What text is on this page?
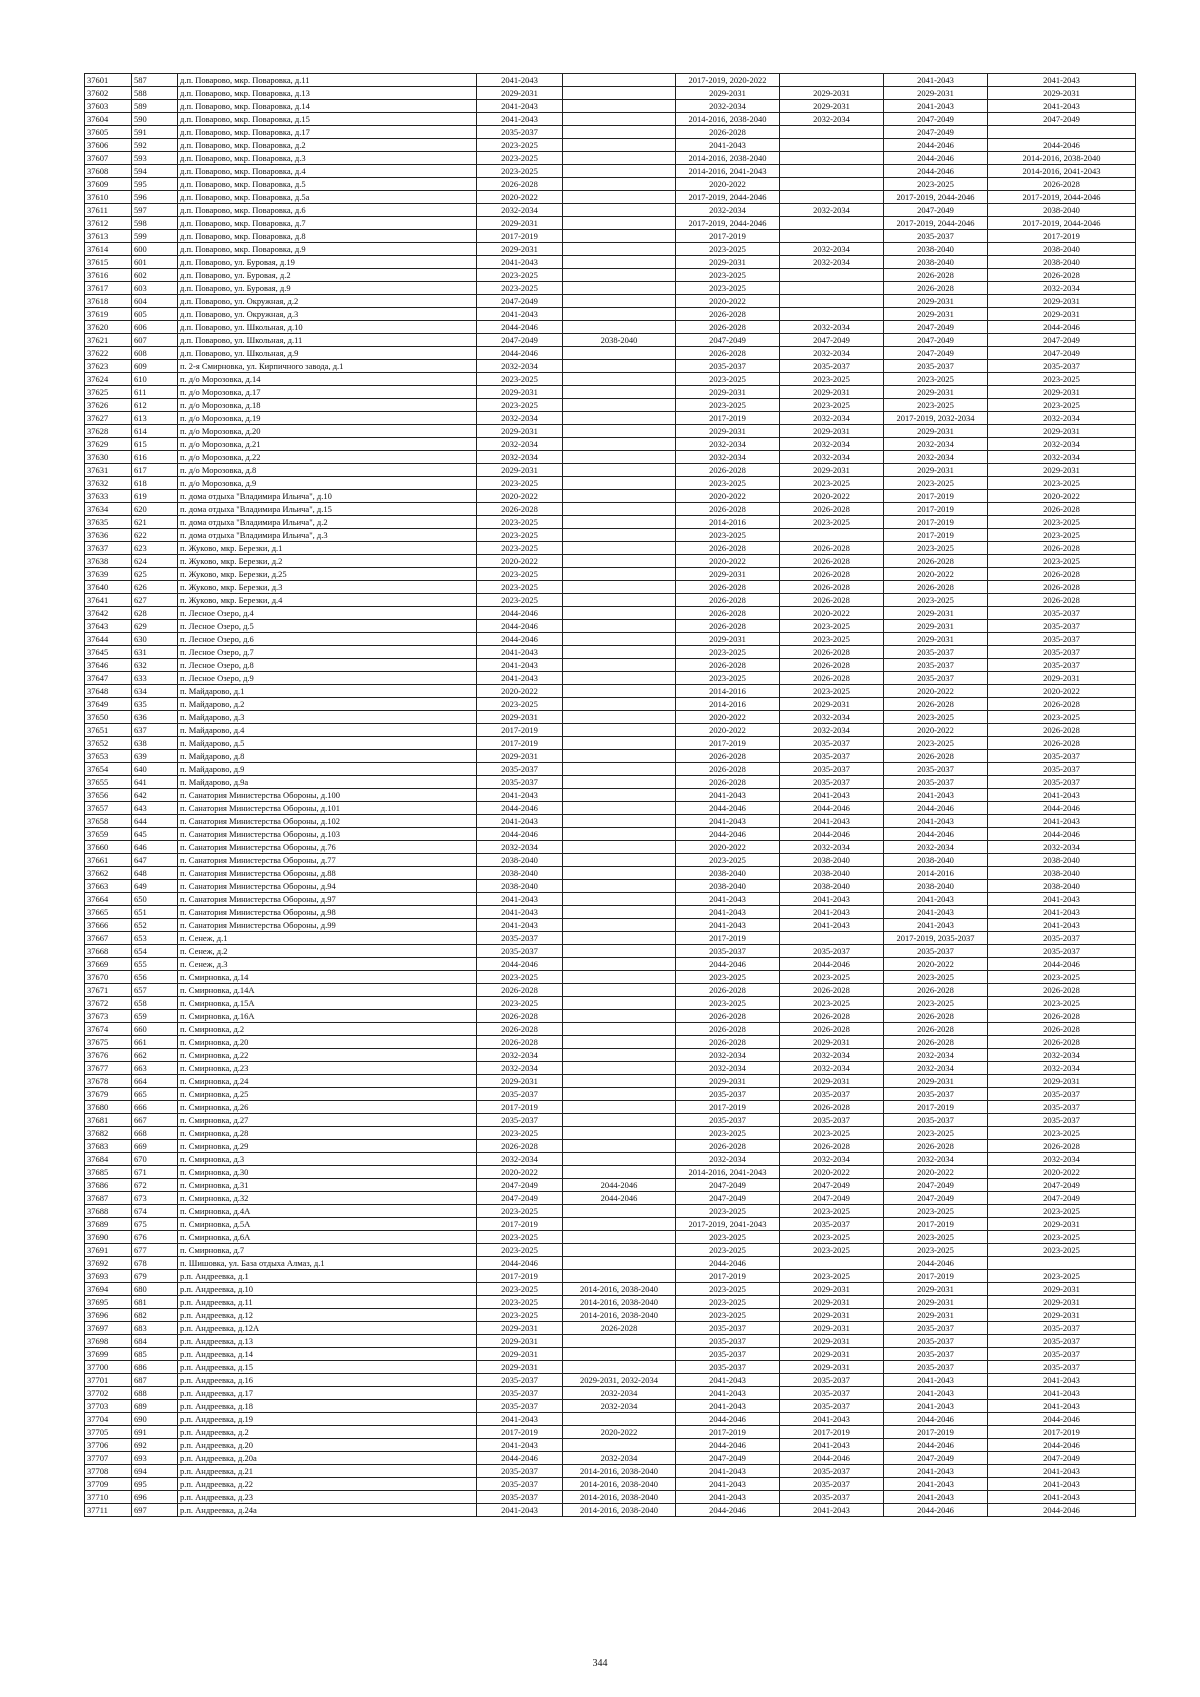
37601	587	д.п. Поварово, мкр. Поваровка, д.11	2041-2043		2017-2019, 2020-2022		2041-2043	2041-2043
37602	588	д.п. Поварово, мкр. Поваровка, д.13	2029-2031		2029-2031	2029-2031	2029-2031	2029-2031
37603	589	д.п. Поварово, мкр. Поваровка, д.14	2041-2043		2032-2034	2029-2031	2041-2043	2041-2043
37604	590	д.п. Поварово, мкр. Поваровка, д.15	2041-2043		2014-2016, 2038-2040	2032-2034	2047-2049	2047-2049
37605	591	д.п. Поварово, мкр. Поваровка, д.17	2035-2037		2026-2028		2047-2049	
37606	592	д.п. Поварово, мкр. Поваровка, д.2	2023-2025		2041-2043		2044-2046	2044-2046
37607	593	д.п. Поварово, мкр. Поваровка, д.3	2023-2025		2014-2016, 2038-2040		2044-2046	2014-2016, 2038-2040
37608	594	д.п. Поварово, мкр. Поваровка, д.4	2023-2025		2014-2016, 2041-2043		2044-2046	2014-2016, 2041-2043
37609	595	д.п. Поварово, мкр. Поваровка, д.5	2026-2028		2020-2022		2023-2025	2026-2028
37610	596	д.п. Поварово, мкр. Поваровка, д.5а	2020-2022		2017-2019, 2044-2046		2017-2019, 2044-2046	2017-2019, 2044-2046
37611	597	д.п. Поварово, мкр. Поваровка, д.6	2032-2034		2032-2034	2032-2034	2047-2049	2038-2040
37612	598	д.п. Поварово, мкр. Поваровка, д.7	2029-2031		2017-2019, 2044-2046		2017-2019, 2044-2046	2017-2019, 2044-2046
37613	599	д.п. Поварово, мкр. Поваровка, д.8	2017-2019		2017-2019		2035-2037	2017-2019
37614	600	д.п. Поварово, мкр. Поваровка, д.9	2029-2031		2023-2025	2032-2034	2038-2040	2038-2040
37615	601	д.п. Поварово, ул. Буровая, д.19	2041-2043		2029-2031	2032-2034	2038-2040	2038-2040
37616	602	д.п. Поварово, ул. Буровая, д.2	2023-2025		2023-2025		2026-2028	2026-2028
37617	603	д.п. Поварово, ул. Буровая, д.9	2023-2025		2023-2025		2026-2028	2032-2034
37618	604	д.п. Поварово, ул. Окружная, д.2	2047-2049		2020-2022		2029-2031	2029-2031
37619	605	д.п. Поварово, ул. Окружная, д.3	2041-2043		2026-2028		2029-2031	2029-2031
37620	606	д.п. Поварово, ул. Школьная, д.10	2044-2046		2026-2028	2032-2034	2047-2049	2044-2046
37621	607	д.п. Поварово, ул. Школьная, д.11	2047-2049	2038-2040	2047-2049	2047-2049	2047-2049	2047-2049
37622	608	д.п. Поварово, ул. Школьная, д.9	2044-2046		2026-2028	2032-2034	2047-2049	2047-2049
37623	609	п. 2-я Смирновка, ул. Кирпичного завода, д.1	2032-2034		2035-2037	2035-2037	2035-2037	2035-2037
37624	610	п. д/о Морозовка, д.14	2023-2025		2023-2025	2023-2025	2023-2025	2023-2025
37625	611	п. д/о Морозовка, д.17	2029-2031		2029-2031	2029-2031	2029-2031	2029-2031
37626	612	п. д/о Морозовка, д.18	2023-2025		2023-2025	2023-2025	2023-2025	2023-2025
37627	613	п. д/о Морозовка, д.19	2032-2034		2017-2019	2032-2034	2017-2019, 2032-2034	2032-2034
37628	614	п. д/о Морозовка, д.20	2029-2031		2029-2031	2029-2031	2029-2031	2029-2031
37629	615	п. д/о Морозовка, д.21	2032-2034		2032-2034	2032-2034	2032-2034	2032-2034
37630	616	п. д/о Морозовка, д.22	2032-2034		2032-2034	2032-2034	2032-2034	2032-2034
37631	617	п. д/о Морозовка, д.8	2029-2031		2026-2028	2029-2031	2029-2031	2029-2031
37632	618	п. д/о Морозовка, д.9	2023-2025		2023-2025	2023-2025	2023-2025	2023-2025
37633	619	п. дома отдыха "Владимира Ильича", д.10	2020-2022		2020-2022	2020-2022	2017-2019	2020-2022
37634	620	п. дома отдыха "Владимира Ильича", д.15	2026-2028		2026-2028	2026-2028	2017-2019	2026-2028
37635	621	п. дома отдыха "Владимира Ильича", д.2	2023-2025		2014-2016	2023-2025	2017-2019	2023-2025
37636	622	п. дома отдыха "Владимира Ильича", д.3	2023-2025		2023-2025		2017-2019	2023-2025
37637	623	п. Жуково, мкр. Березки, д.1	2023-2025		2026-2028	2026-2028	2023-2025	2026-2028
37638	624	п. Жуково, мкр. Березки, д.2	2020-2022		2020-2022	2026-2028	2026-2028	2023-2025
37639	625	п. Жуково, мкр. Березки, д.25	2023-2025		2029-2031	2026-2028	2020-2022	2026-2028
37640	626	п. Жуково, мкр. Березки, д.3	2023-2025		2026-2028	2026-2028	2026-2028	2026-2028
37641	627	п. Жуково, мкр. Березки, д.4	2023-2025		2026-2028	2026-2028	2023-2025	2026-2028
37642	628	п. Лесное Озеро, д.4	2044-2046		2026-2028	2020-2022	2029-2031	2035-2037
37643	629	п. Лесное Озеро, д.5	2044-2046		2026-2028	2023-2025	2029-2031	2035-2037
37644	630	п. Лесное Озеро, д.6	2044-2046		2029-2031	2023-2025	2029-2031	2035-2037
37645	631	п. Лесное Озеро, д.7	2041-2043		2023-2025	2026-2028	2035-2037	2035-2037
37646	632	п. Лесное Озеро, д.8	2041-2043		2026-2028	2026-2028	2035-2037	2035-2037
37647	633	п. Лесное Озеро, д.9	2041-2043		2023-2025	2026-2028	2035-2037	2029-2031
37648	634	п. Майдарово, д.1	2020-2022		2014-2016	2023-2025	2020-2022	2020-2022
37649	635	п. Майдарово, д.2	2023-2025		2014-2016	2029-2031	2026-2028	2026-2028
37650	636	п. Майдарово, д.3	2029-2031		2020-2022	2032-2034	2023-2025	2023-2025
37651	637	п. Майдарово, д.4	2017-2019		2020-2022	2032-2034	2020-2022	2026-2028
37652	638	п. Майдарово, д.5	2017-2019		2017-2019	2035-2037	2023-2025	2026-2028
37653	639	п. Майдарово, д.8	2029-2031		2026-2028	2035-2037	2026-2028	2035-2037
37654	640	п. Майдарово, д.9	2035-2037		2026-2028	2035-2037	2035-2037	2035-2037
37655	641	п. Майдарово, д.9а	2035-2037		2026-2028	2035-2037	2035-2037	2035-2037
37656	642	п. Санатория Министерства Обороны, д.100	2041-2043		2041-2043	2041-2043	2041-2043	2041-2043
37657	643	п. Санатория Министерства Обороны, д.101	2044-2046		2044-2046	2044-2046	2044-2046	2044-2046
37658	644	п. Санатория Министерства Обороны, д.102	2041-2043		2041-2043	2041-2043	2041-2043	2041-2043
37659	645	п. Санатория Министерства Обороны, д.103	2044-2046		2044-2046	2044-2046	2044-2046	2044-2046
37660	646	п. Санатория Министерства Обороны, д.76	2032-2034		2020-2022	2032-2034	2032-2034	2032-2034
37661	647	п. Санатория Министерства Обороны, д.77	2038-2040		2023-2025	2038-2040	2038-2040	2038-2040
37662	648	п. Санатория Министерства Обороны, д.88	2038-2040		2038-2040	2038-2040	2014-2016	2038-2040
37663	649	п. Санатория Министерства Обороны, д.94	2038-2040		2038-2040	2038-2040	2038-2040	2038-2040
37664	650	п. Санатория Министерства Обороны, д.97	2041-2043		2041-2043	2041-2043	2041-2043	2041-2043
37665	651	п. Санатория Министерства Обороны, д.98	2041-2043		2041-2043	2041-2043	2041-2043	2041-2043
37666	652	п. Санатория Министерства Обороны, д.99	2041-2043		2041-2043	2041-2043	2041-2043	2041-2043
37667	653	п. Сенеж, д.1	2035-2037		2017-2019		2017-2019, 2035-2037	2035-2037
37668	654	п. Сенеж, д.2	2035-2037		2035-2037	2035-2037	2035-2037	2035-2037
37669	655	п. Сенеж, д.3	2044-2046		2044-2046	2044-2046	2020-2022	2044-2046
37670	656	п. Смирновка, д.14	2023-2025		2023-2025	2023-2025	2023-2025	2023-2025
37671	657	п. Смирновка, д.14А	2026-2028		2026-2028	2026-2028	2026-2028	2026-2028
37672	658	п. Смирновка, д.15А	2023-2025		2023-2025	2023-2025	2023-2025	2023-2025
37673	659	п. Смирновка, д.16А	2026-2028		2026-2028	2026-2028	2026-2028	2026-2028
37674	660	п. Смирновка, д.2	2026-2028		2026-2028	2026-2028	2026-2028	2026-2028
37675	661	п. Смирновка, д.20	2026-2028		2026-2028	2029-2031	2026-2028	2026-2028
37676	662	п. Смирновка, д.22	2032-2034		2032-2034	2032-2034	2032-2034	2032-2034
37677	663	п. Смирновка, д.23	2032-2034		2032-2034	2032-2034	2032-2034	2032-2034
37678	664	п. Смирновка, д.24	2029-2031		2029-2031	2029-2031	2029-2031	2029-2031
37679	665	п. Смирновка, д.25	2035-2037		2035-2037	2035-2037	2035-2037	2035-2037
37680	666	п. Смирновка, д.26	2017-2019		2017-2019	2026-2028	2017-2019	2035-2037
37681	667	п. Смирновка, д.27	2035-2037		2035-2037	2035-2037	2035-2037	2035-2037
37682	668	п. Смирновка, д.28	2023-2025		2023-2025	2023-2025	2023-2025	2023-2025
37683	669	п. Смирновка, д.29	2026-2028		2026-2028	2026-2028	2026-2028	2026-2028
37684	670	п. Смирновка, д.3	2032-2034		2032-2034	2032-2034	2032-2034	2032-2034
37685	671	п. Смирновка, д.30	2020-2022		2014-2016, 2041-2043	2020-2022	2020-2022	2020-2022
37686	672	п. Смирновка, д.31	2047-2049	2044-2046	2047-2049	2047-2049	2047-2049	2047-2049
37687	673	п. Смирновка, д.32	2047-2049	2044-2046	2047-2049	2047-2049	2047-2049	2047-2049
37688	674	п. Смирновка, д.4А	2023-2025		2023-2025	2023-2025	2023-2025	2023-2025
37689	675	п. Смирновка, д.5А	2017-2019		2017-2019, 2041-2043	2035-2037	2017-2019	2029-2031
37690	676	п. Смирновка, д.6А	2023-2025		2023-2025	2023-2025	2023-2025	2023-2025
37691	677	п. Смирновка, д.7	2023-2025		2023-2025	2023-2025	2023-2025	2023-2025
37692	678	п. Шишовка, ул. База отдыха Алмаз, д.1	2044-2046		2044-2046		2044-2046	
37693	679	р.п. Андреевка, д.1	2017-2019		2017-2019	2023-2025	2017-2019	2023-2025
37694	680	р.п. Андреевка, д.10	2023-2025	2014-2016, 2038-2040	2023-2025	2029-2031	2029-2031	2029-2031
37695	681	р.п. Андреевка, д.11	2023-2025	2014-2016, 2038-2040	2023-2025	2029-2031	2029-2031	2029-2031
37696	682	р.п. Андреевка, д.12	2023-2025	2014-2016, 2038-2040	2023-2025	2029-2031	2029-2031	2029-2031
37697	683	р.п. Андреевка, д.12А	2029-2031	2026-2028	2035-2037	2029-2031	2035-2037	2035-2037
37698	684	р.п. Андреевка, д.13	2029-2031		2035-2037	2029-2031	2035-2037	2035-2037
37699	685	р.п. Андреевка, д.14	2029-2031		2035-2037	2029-2031	2035-2037	2035-2037
37700	686	р.п. Андреевка, д.15	2029-2031		2035-2037	2029-2031	2035-2037	2035-2037
37701	687	р.п. Андреевка, д.16	2035-2037	2029-2031, 2032-2034	2041-2043	2035-2037	2041-2043	2041-2043
37702	688	р.п. Андреевка, д.17	2035-2037	2032-2034	2041-2043	2035-2037	2041-2043	2041-2043
37703	689	р.п. Андреевка, д.18	2035-2037	2032-2034	2041-2043	2035-2037	2041-2043	2041-2043
37704	690	р.п. Андреевка, д.19	2041-2043		2044-2046	2041-2043	2044-2046	2044-2046
37705	691	р.п. Андреевка, д.2	2017-2019	2020-2022	2017-2019	2017-2019	2017-2019	2017-2019
37706	692	р.п. Андреевка, д.20	2041-2043		2044-2046	2041-2043	2044-2046	2044-2046
37707	693	р.п. Андреевка, д.20а	2044-2046	2032-2034	2047-2049	2044-2046	2047-2049	2047-2049
37708	694	р.п. Андреевка, д.21	2035-2037	2014-2016, 2038-2040	2041-2043	2035-2037	2041-2043	2041-2043
37709	695	р.п. Андреевка, д.22	2035-2037	2014-2016, 2038-2040	2041-2043	2035-2037	2041-2043	2041-2043
37710	696	р.п. Андреевка, д.23	2035-2037	2014-2016, 2038-2040	2041-2043	2035-2037	2041-2043	2041-2043
37711	697	р.п. Андреевка, д.24а	2041-2043	2014-2016, 2038-2040	2044-2046	2041-2043	2044-2046	2044-2046
344
